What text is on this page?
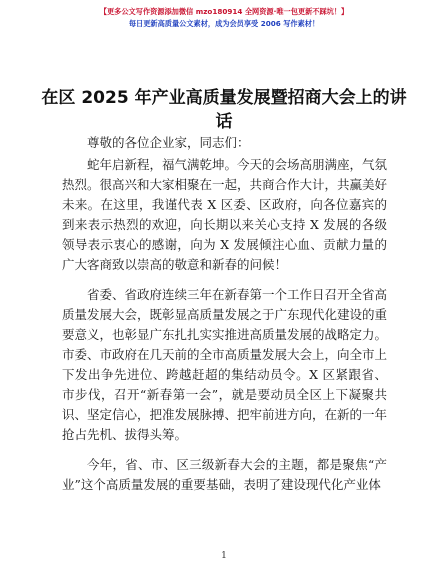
【更多公文写作资源添加微信 mzo180914 全网资源·唯一包更新不踩坑！】
每日更新高质量公文素材，成为会员享受 2006 写作素材！
在区 2025 年产业高质量发展暨招商大会上的讲话

尊敬的各位企业家，同志们：

蛇年启新程，福气满乾坤。今天的会场高朋满座，气氛热烈。很高兴和大家相聚在一起，共商合作大计，共赢美好未来。在这里，我谨代表 X 区委、区政府，向各位嘉宾的到来表示热烈的欢迎，向长期以来关心支持 X 发展的各级领导表示衷心的感谢，向为 X 发展倾注心血、贡献力量的广大客商致以崇高的敬意和新春的问候！

省委、省政府连续三年在新春第一个工作日召开全省高质量发展大会，既彰显高质量发展之于广东现代化建设的重要意义，也彰显广东扎扎实实推进高质量发展的战略定力。市委、市政府在几天前的全市高质量发展大会上，向全市上下发出争先进位、跨越赶超的集结动员令。X 区紧跟省、市步伐，召开“新春第一会”，就是要动员全区上下凝聚共识、坚定信心，把准发展脉搏、把牢前进方向，在新的一年抢占先机、拔得头筹。

今年，省、市、区三级新春大会的主题，都是聚焦“产业”这个高质量发展的重要基础，表明了建设现代化产业体

1
